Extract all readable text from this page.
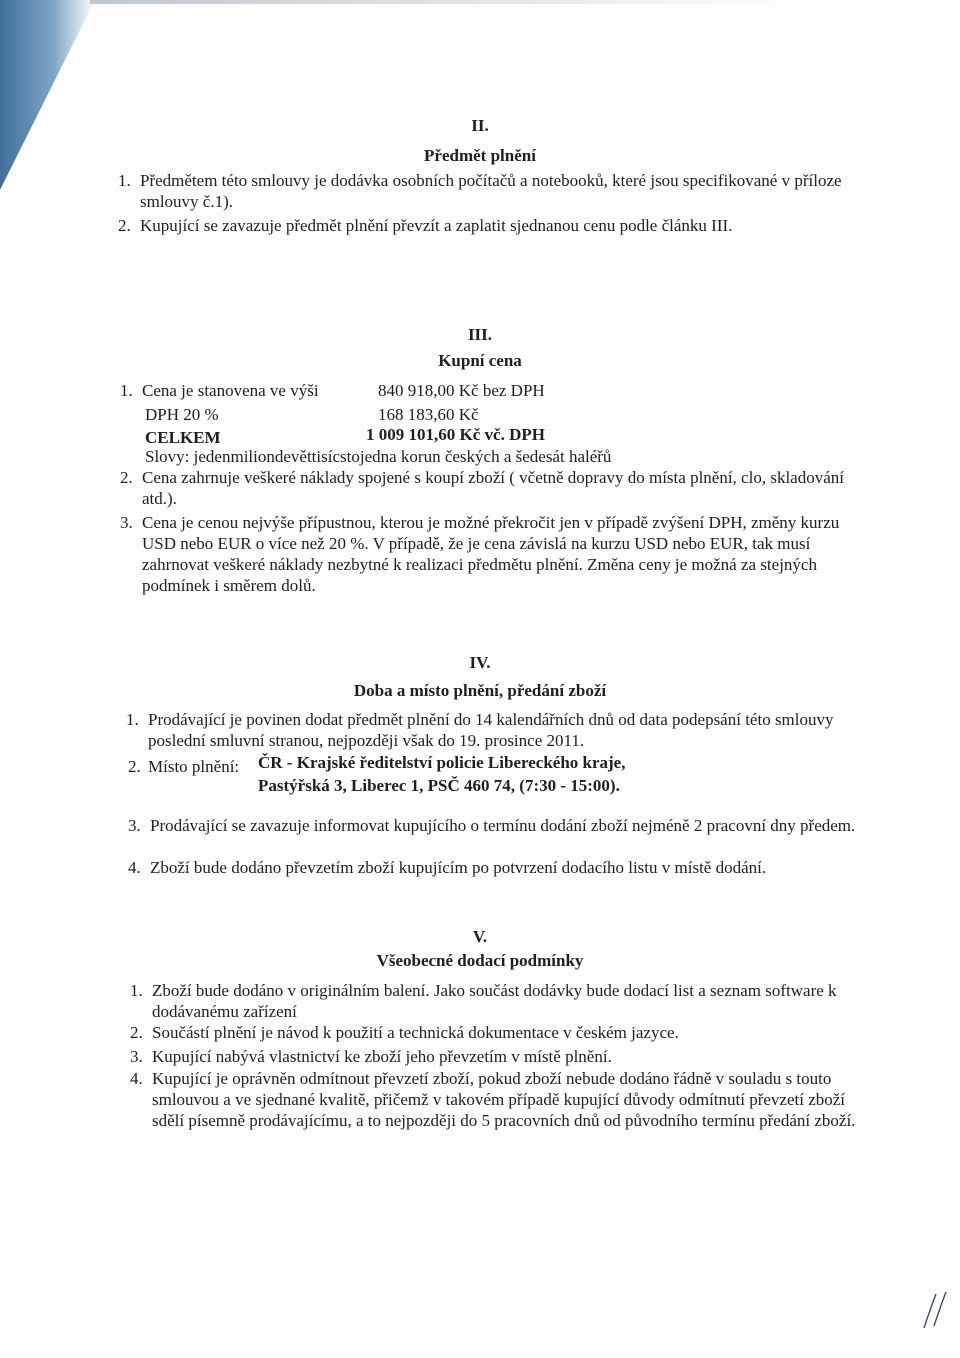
II.
Předmět plnění
1. Předmětem této smlouvy je dodávka osobních počítačů a notebooků, které jsou specifikované v příloze smlouvy č.1).
2. Kupující se zavazuje předmět plnění převzít a zaplatit sjednanou cenu podle článku III.
III.
Kupní cena
1. Cena je stanovena ve výši	840 918,00 Kč bez DPH
DPH 20 %	168 183,60 Kč
CELKEM	1 009 101,60 Kč vč. DPH
Slovy: jedenmiliondevěttisícstojedna korun českých a šedesát haléřů
2. Cena zahrnuje veškeré náklady spojené s koupí zboží ( včetně dopravy do místa plnění, clo, skladování atd.).
3. Cena je cenou nejvýše přípustnou, kterou je možné překročit jen v případě zvýšení DPH, změny kurzu USD nebo EUR o více než 20 %. V případě, že je cena závislá na kurzu USD nebo EUR, tak musí zahrnovat veškeré náklady nezbytné k realizaci předmětu plnění. Změna ceny je možná za stejných podmínek i směrem dolů.
IV.
Doba a místo plnění, předání zboží
1. Prodávající je povinen dodat předmět plnění do 14 kalendářních dnů od data podepsání této smlouvy poslední smluvní stranou, nejpozději však do 19. prosince 2011.
2. Místo plnění: ČR - Krajské ředitelství policie Libereckého kraje,
Pastýřská 3, Liberec 1, PSČ 460 74, (7:30 - 15:00).
3. Prodávající se zavazuje informovat kupujícího o termínu dodání zboží nejméně 2 pracovní dny předem.
4. Zboží bude dodáno převzetím zboží kupujícím po potvrzení dodacího listu v místě dodání.
V.
Všeobecné dodací podmínky
1. Zboží bude dodáno v originálním balení. Jako součást dodávky bude dodací list a seznam software k dodávanému zařízení
2. Součástí plnění je návod k použití a technická dokumentace v českém jazyce.
3. Kupující nabývá vlastnictví ke zboží jeho převzetím v místě plnění.
4. Kupující je oprávněn odmítnout převzetí zboží, pokud zboží nebude dodáno řádně v souladu s touto smlouvou a ve sjednané kvalitě, přičemž v takovém případě kupující důvody odmítnutí převzetí zboží sdělí písemně prodávajícímu, a to nejpozději do 5 pracovních dnů od původního termínu předání zboží.
